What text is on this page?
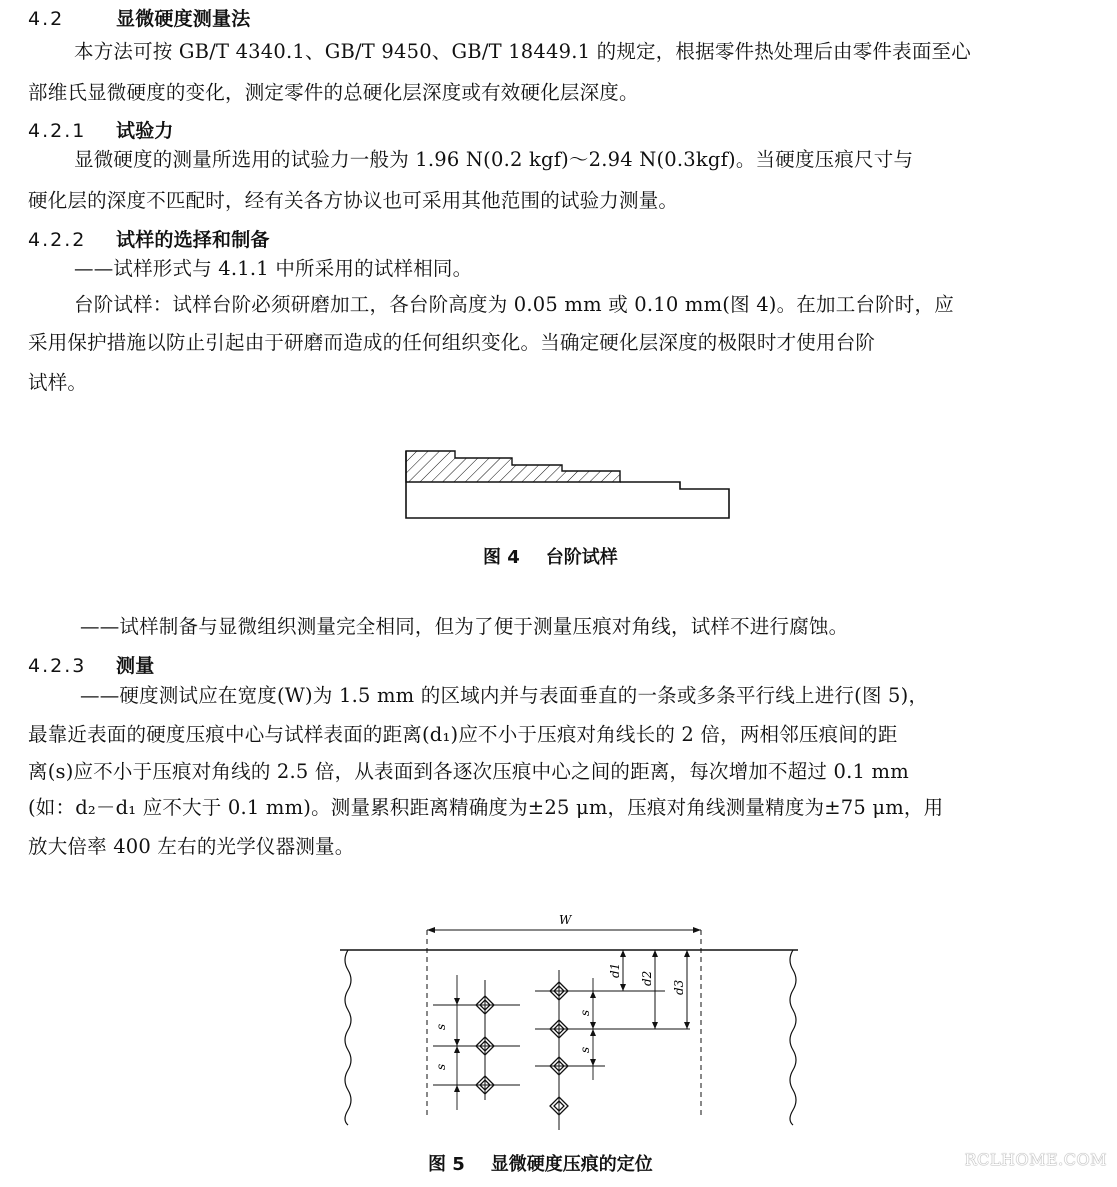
4.2	显微硬度测量法
本方法可按 GB/T 4340.1、GB/T 9450、GB/T 18449.1 的规定，根据零件热处理后由零件表面至心
部维氏显微硬度的变化，测定零件的总硬化层深度或有效硬化层深度。
4.2.1 试验力
显微硬度的测量所选用的试验力一般为 1.96 N(0.2 kgf)～2.94 N(0.3kgf)。当硬度压痕尺寸与
硬化层的深度不匹配时，经有关各方协议也可采用其他范围的试验力测量。
4.2.2 试样的选择和制备
——试样形式与 4.1.1 中所采用的试样相同。
台阶试样：试样台阶必须研磨加工，各台阶高度为 0.05 mm 或 0.10 mm(图 4)。在加工台阶时，应
采用保护措施以防止引起由于研磨而造成的任何组织变化。当确定硬化层深度的极限时才使用台阶
试样。
图 4 台阶试样
——试样制备与显微组织测量完全相同，但为了便于测量压痕对角线，试样不进行腐蚀。
4.2.3 测量
——硬度测试应在宽度(W)为 1.5 mm 的区域内并与表面垂直的一条或多条平行线上进行(图 5)，
最靠近表面的硬度压痕中心与试样表面的距离(d₁)应不小于压痕对角线长的 2 倍，两相邻压痕间的距
离(s)应不小于压痕对角线的 2.5 倍，从表面到各逐次压痕中心之间的距离，每次增加不超过 0.1 mm
(如：d₂－d₁ 应不大于 0.1 mm)。测量累积距离精确度为±25 μm，压痕对角线测量精度为±75 μm，用
放大倍率 400 左右的光学仪器测量。
W
s
s
s
s
d1
d2
d3
图 5 显微硬度压痕的定位	RCLHOME.COM
